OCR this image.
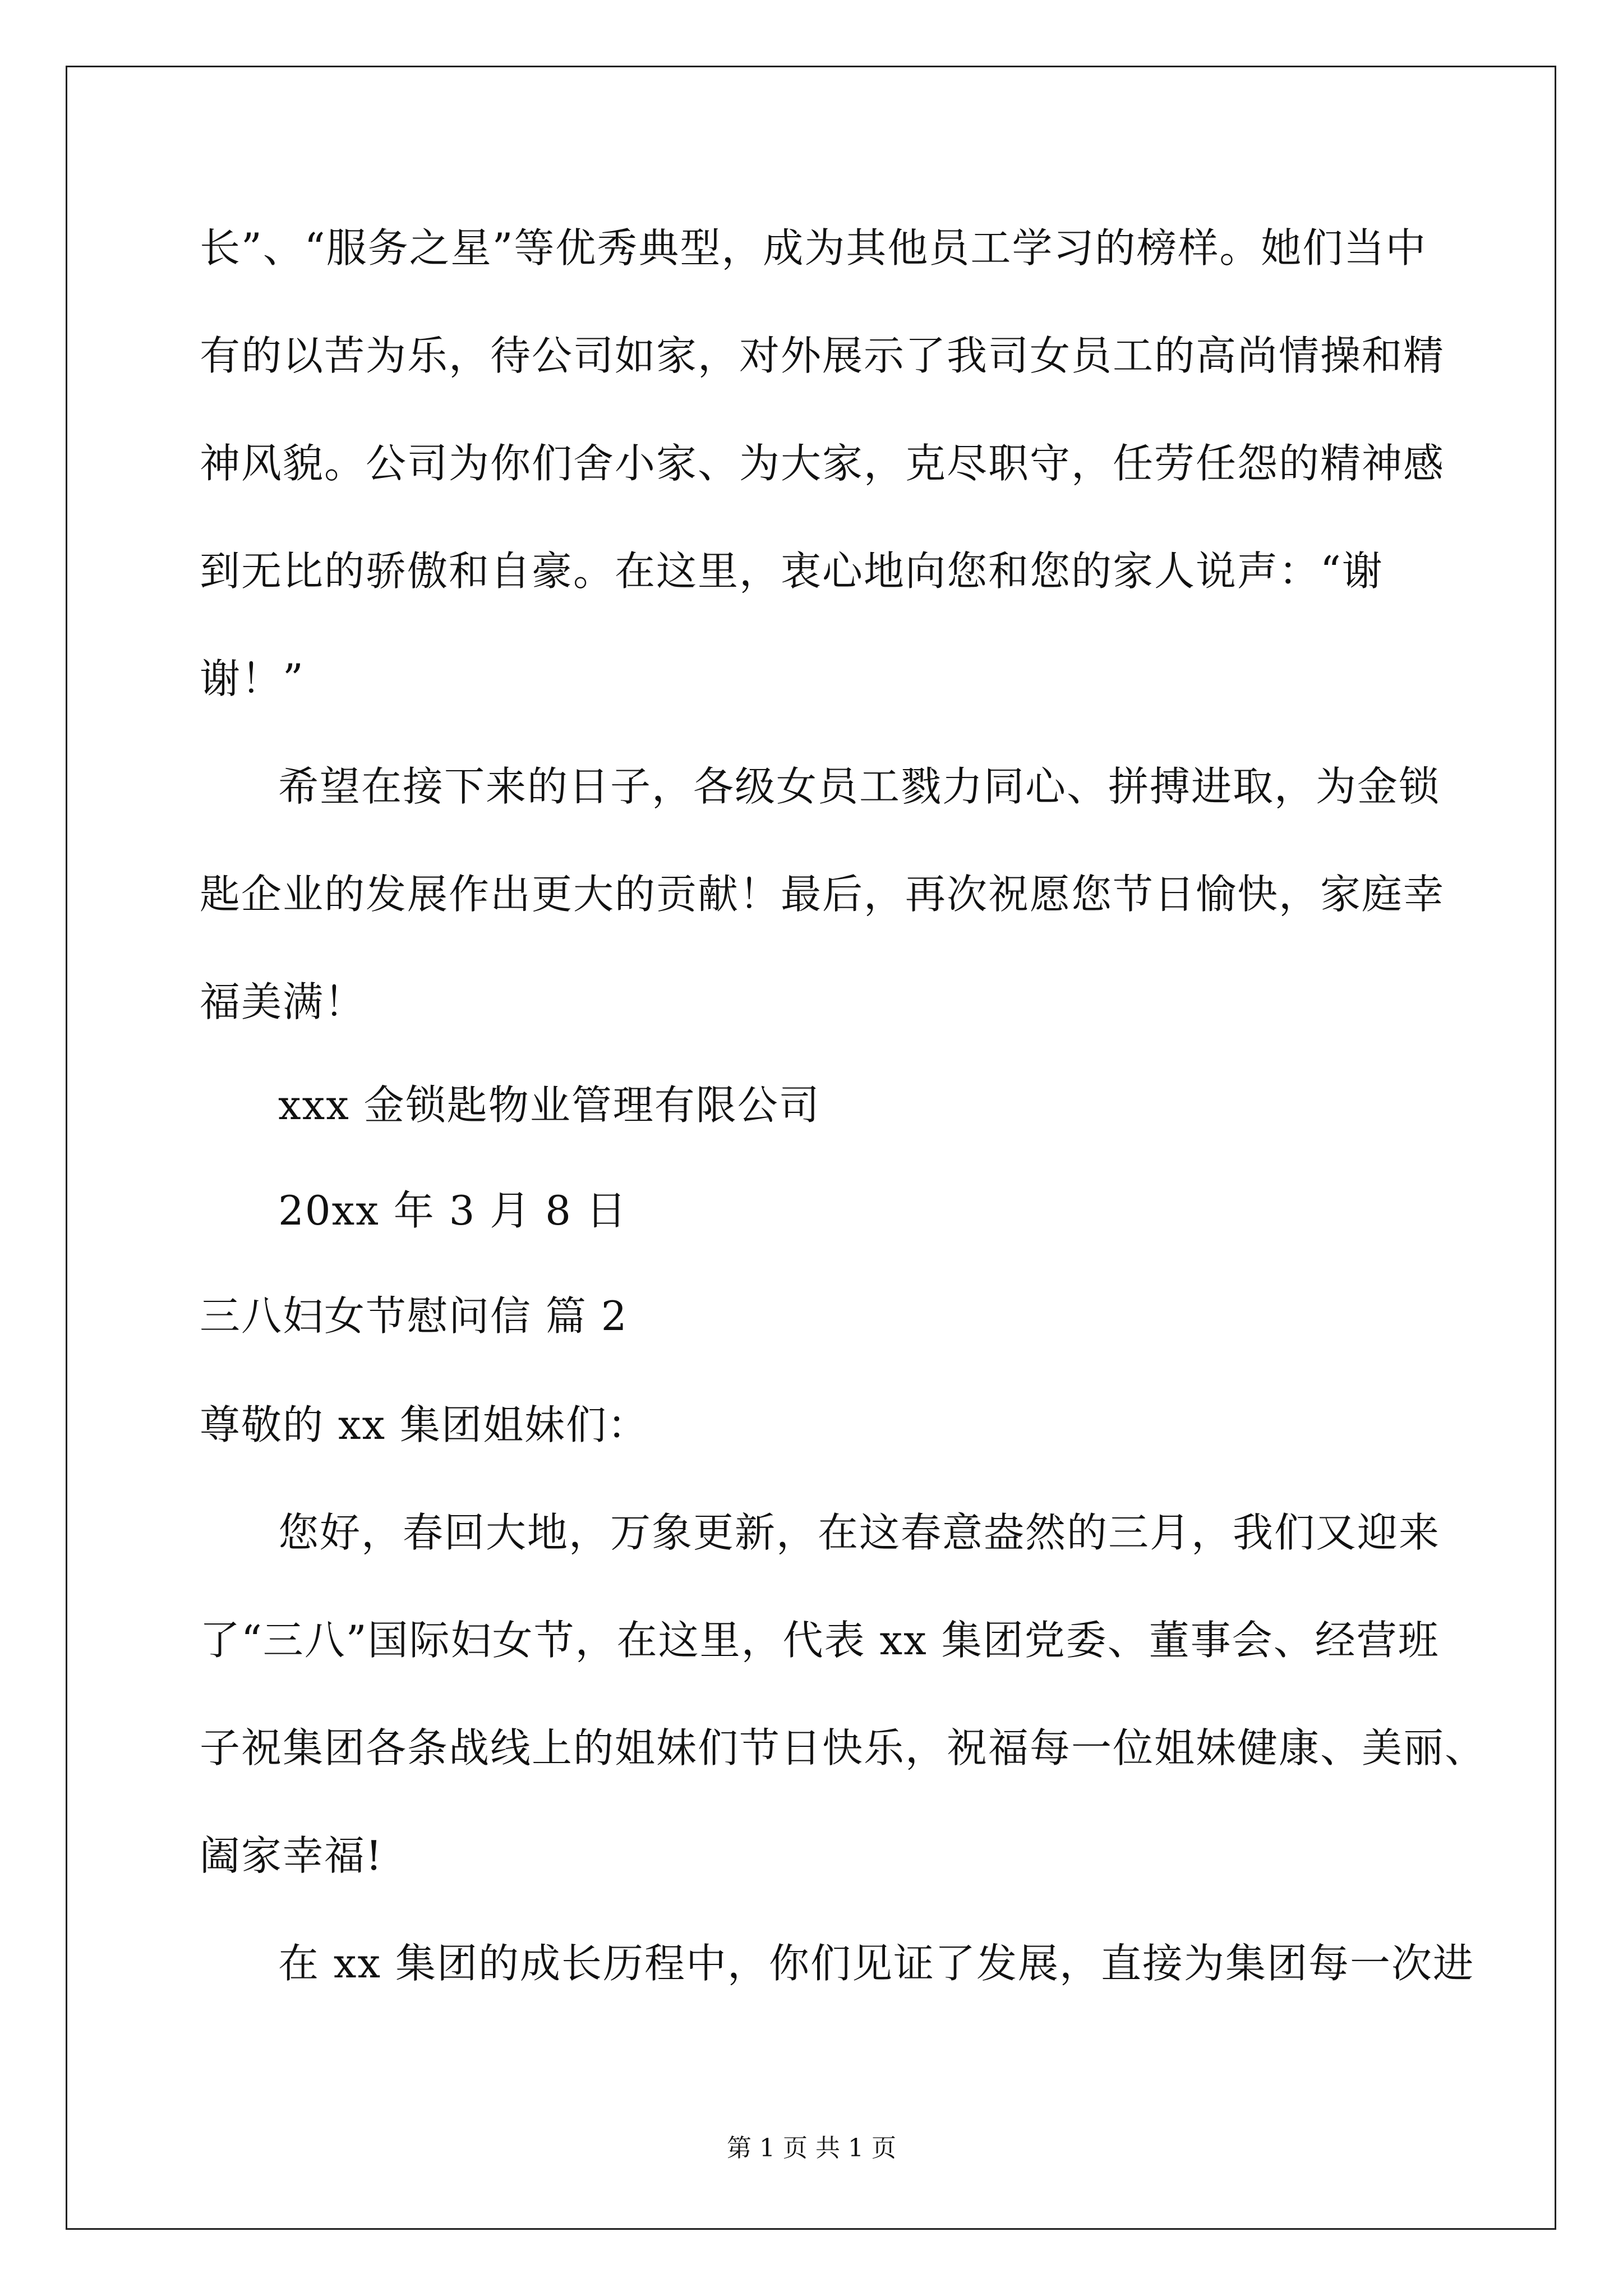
长”、“服务之星”等优秀典型，成为其他员工学习的榜样。她们当中
有的以苦为乐，待公司如家，对外展示了我司女员工的高尚情操和精
神风貌。公司为你们舍小家、为大家，克尽职守，任劳任怨的精神感
到无比的骄傲和自豪。在这里，衷心地向您和您的家人说声：“谢
谢！”
希望在接下来的日子，各级女员工戮力同心、拼搏进取，为金锁
匙企业的发展作出更大的贡献！最后，再次祝愿您节日愉快，家庭幸
福美满！
xxx 金锁匙物业管理有限公司
20xx 年 3 月 8 日
三八妇女节慰问信 篇 2
尊敬的 xx 集团姐妹们：
您好，春回大地，万象更新，在这春意盎然的三月，我们又迎来
了“三八”国际妇女节，在这里，代表 xx 集团党委、董事会、经营班
子祝集团各条战线上的姐妹们节日快乐，祝福每一位姐妹健康、美丽、
阖家幸福!
在 xx 集团的成长历程中，你们见证了发展，直接为集团每一次进
第 1 页 共 1 页
